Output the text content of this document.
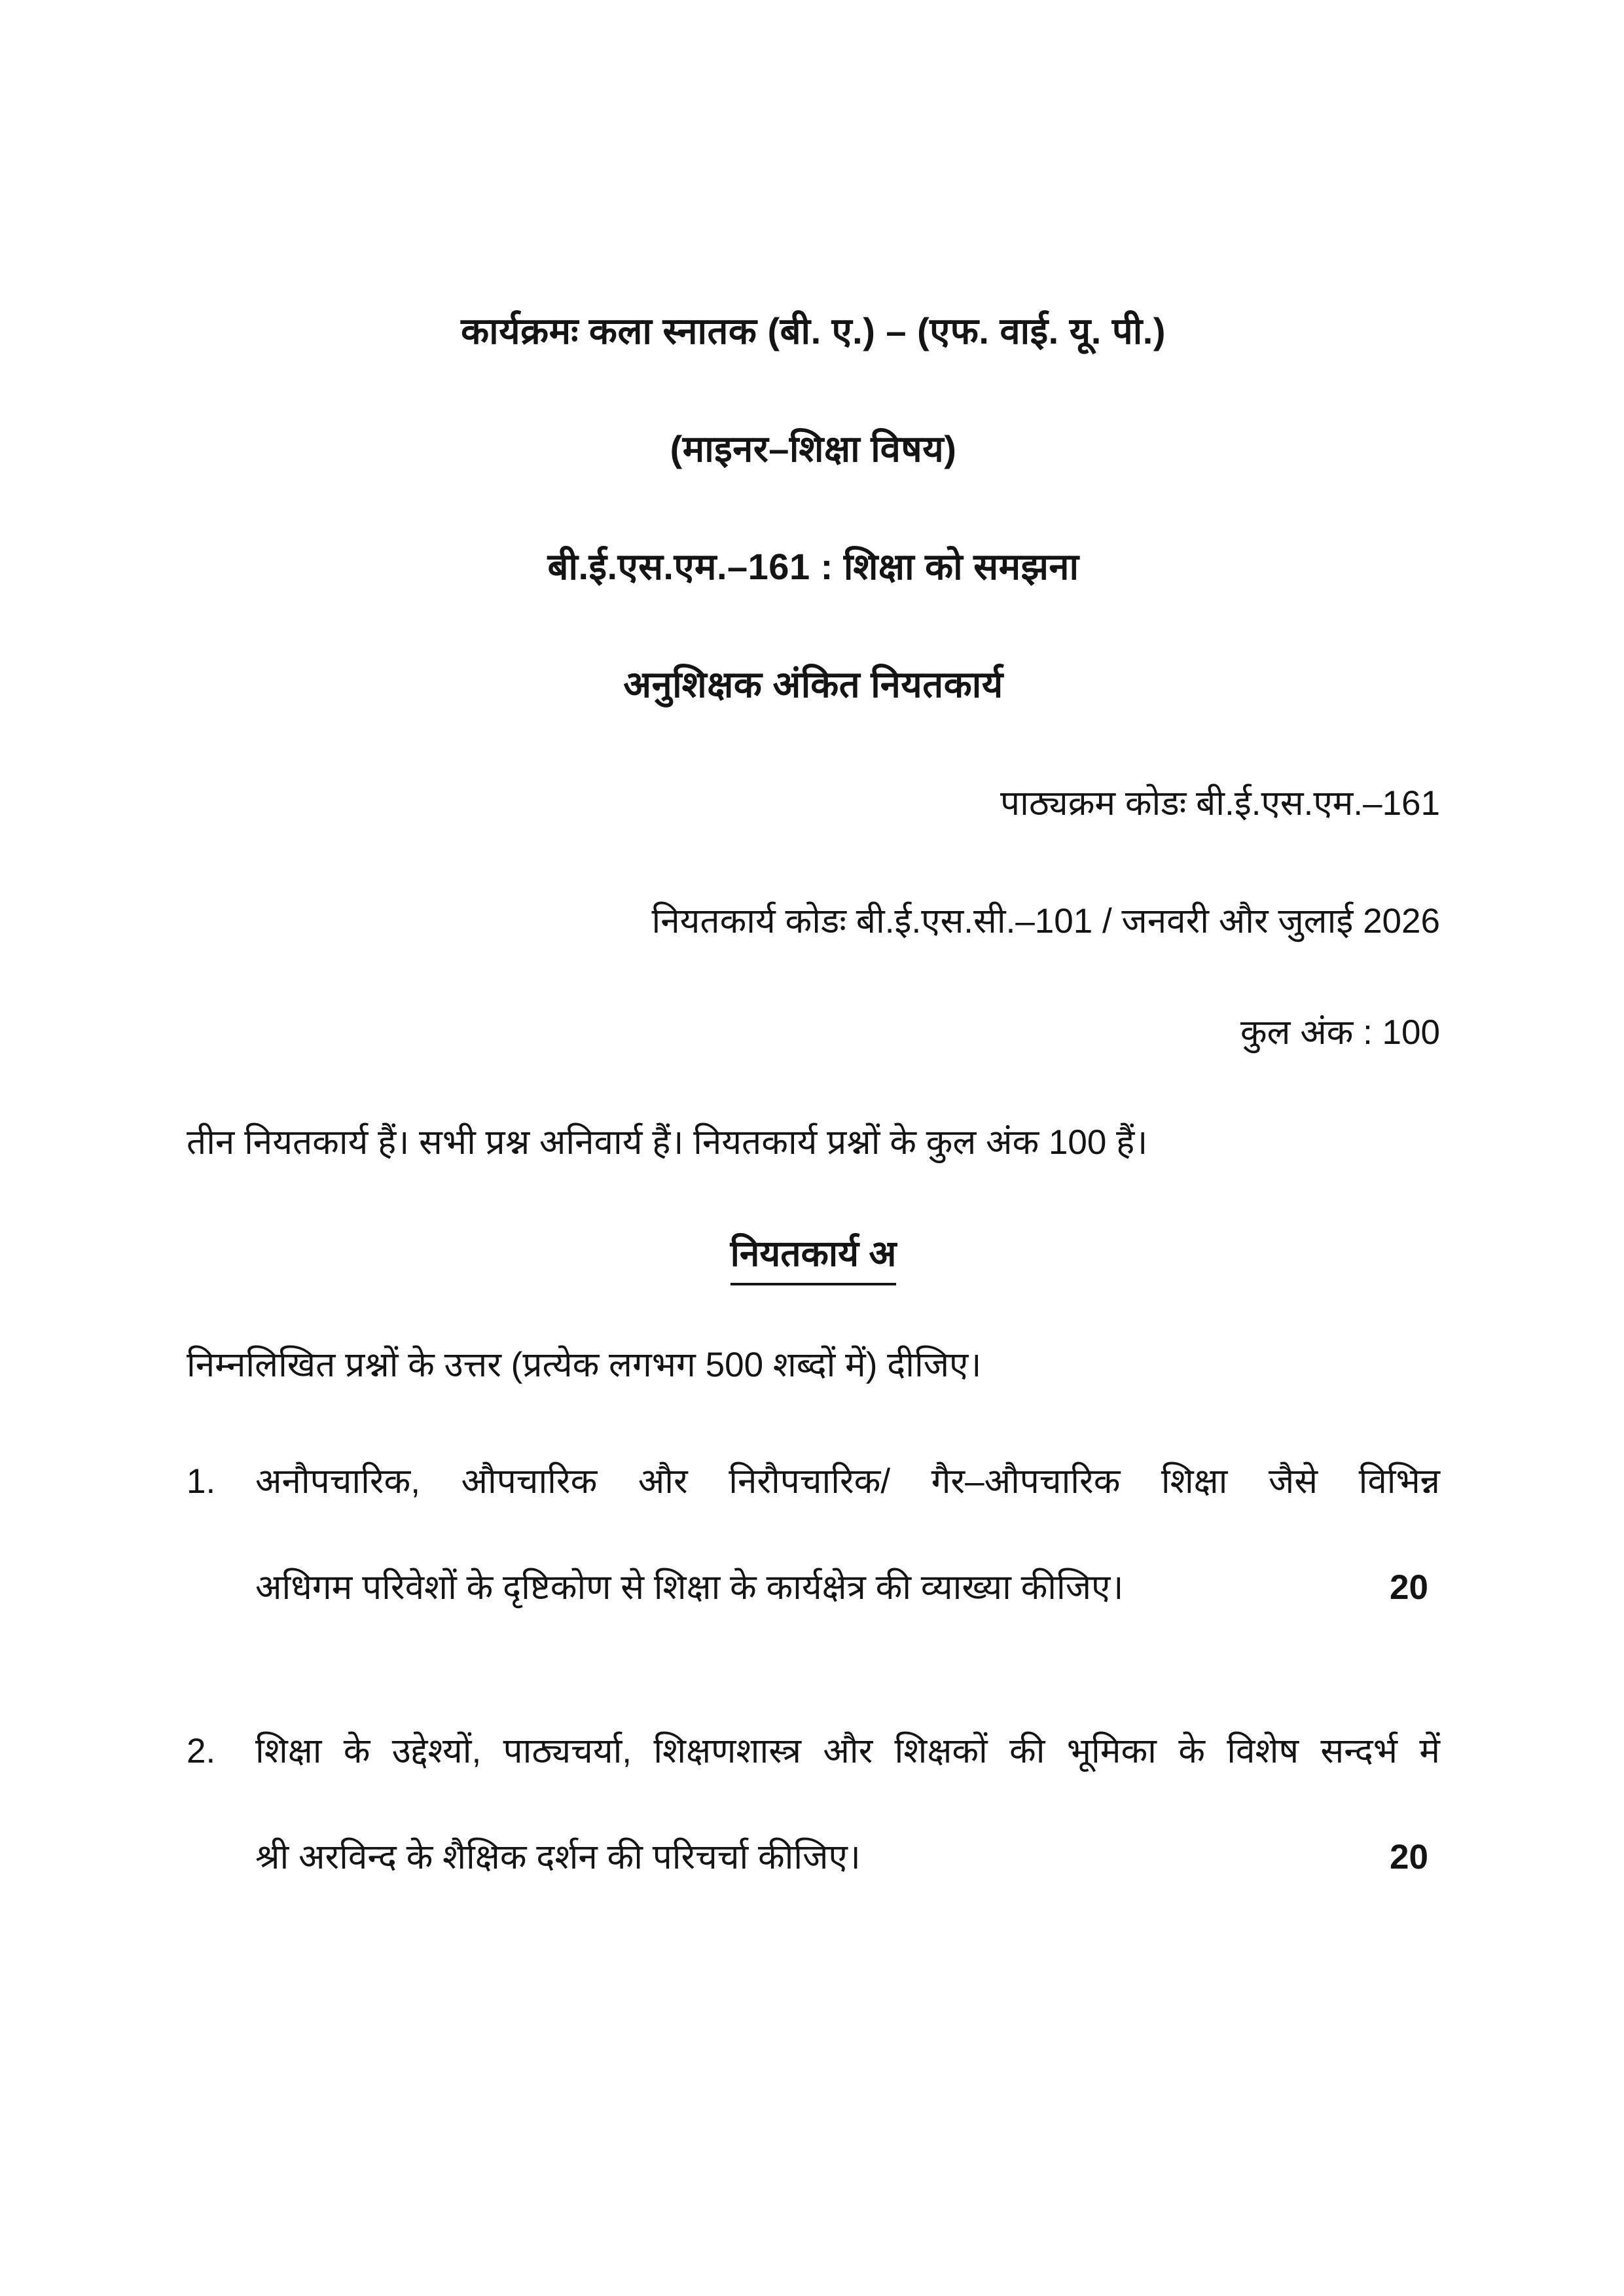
कार्यक्रमः कला स्नातक (बी. ए.) – (एफ. वाई. यू. पी.)
(माइनर–शिक्षा विषय)
बी.ई.एस.एम.–161 : शिक्षा को समझना
अनुशिक्षक अंकित नियतकार्य
पाठ्यक्रम कोडः बी.ई.एस.एम.–161
नियतकार्य कोडः बी.ई.एस.सी.–101 / जनवरी और जुलाई 2026
कुल अंक : 100
तीन नियतकार्य हैं। सभी प्रश्न अनिवार्य हैं। नियतकार्य प्रश्नों के कुल अंक 100 हैं।
नियतकार्य अ
निम्नलिखित प्रश्नों के उत्तर (प्रत्येक लगभग 500 शब्दों में) दीजिए।
1.	अनौपचारिक, औपचारिक और निरौपचारिक/ गैर–औपचारिक शिक्षा जैसे विभिन्न
अधिगम परिवेशों के दृष्टिकोण से शिक्षा के कार्यक्षेत्र की व्याख्या कीजिए।	20
2.	शिक्षा के उद्देश्यों, पाठ्यचर्या, शिक्षणशास्त्र और शिक्षकों की भूमिका के विशेष सन्दर्भ में
श्री अरविन्द के शैक्षिक दर्शन की परिचर्चा कीजिए।	20
